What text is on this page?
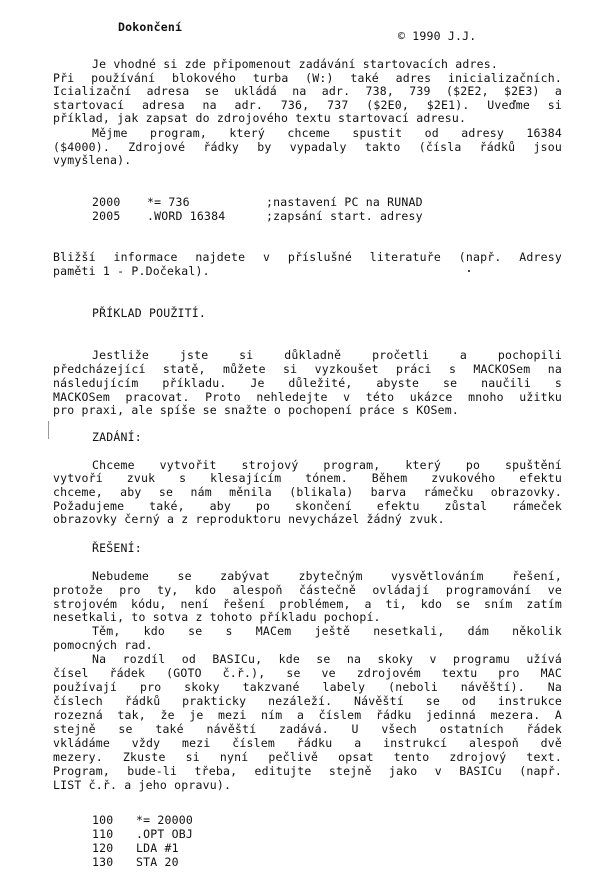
Dokončení
© 1990 J.J.
Je vhodné si zde připomenout zadávání startovacích adres.
Při používání blokového turba (W:) také adres inicializačních.
Icializační adresa se ukládá na adr. 738, 739 ($2E2, $2E3) a
startovací adresa na adr. 736, 737 ($2E0, $2E1). Uveďme si
příklad, jak zapsat do zdrojového textu startovací adresu.
Mějme program, který chceme spustit od adresy 16384
($4000). Zdrojové řádky by vypadaly takto (čísla řádků jsou
vymyšlena).
2000 *= 736	;nastavení PC na RUNAD
2005 .WORD 16384	;zapsání start. adresy
Bližší informace najdete v příslušné literatuře (např. Adresy
paměti 1 - P.Dočekal).
PŘÍKLAD POUŽITÍ.
Jestliže jste si důkladně pročetli a pochopili
předcházející statě, můžete si vyzkoušet práci s MACKOSem na
následujícím příkladu. Je důležité, abyste se naučili s
MACKOSem pracovat. Proto nehledejte v této ukázce mnoho užitku
pro praxi, ale spíše se snažte o pochopení práce s KOSem.
ZADÁNÍ:
Chceme vytvořit strojový program, který po spuštění
vytvoří zvuk s klesajícím tónem. Během zvukového efektu
chceme, aby se nám měnila (blikala) barva rámečku obrazovky.
Požadujeme také, aby po skončení efektu zůstal rámeček
obrazovky černý a z reproduktoru nevycházel žádný zvuk.
ŘEŠENÍ:
Nebudeme se zabývat zbytečným vysvětlováním řešení,
protože pro ty, kdo alespoň částečně ovládají programování ve
strojovém kódu, není řešení problémem, a ti, kdo se sním zatím
nesetkali, to sotva z tohoto příkladu pochopí.
Těm, kdo se s MACem ještě nesetkali, dám několik
pomocných rad.
Na rozdíl od BASICu, kde se na skoky v programu užívá
čísel řádek (GOTO č.ř.), se ve zdrojovém textu pro MAC
používají pro skoky takzvané labely (neboli návěští). Na
číslech řádků prakticky nezáleží. Návěští se od instrukce
rozezná tak, že je mezi ním a číslem řádku jedinná mezera. A
stejně se také návěští zadává. U všech ostatních řádek
vkládáme vždy mezi číslem řádku a instrukcí alespoň dvě
mezery. Zkuste si nyní pečlivě opsat tento zdrojový text.
Program, bude-li třeba, editujte stejně jako v BASICu (např.
LIST č.ř. a jeho opravu).
100 *= 20000
110 .OPT OBJ
120 LDA #1
130 STA 20
